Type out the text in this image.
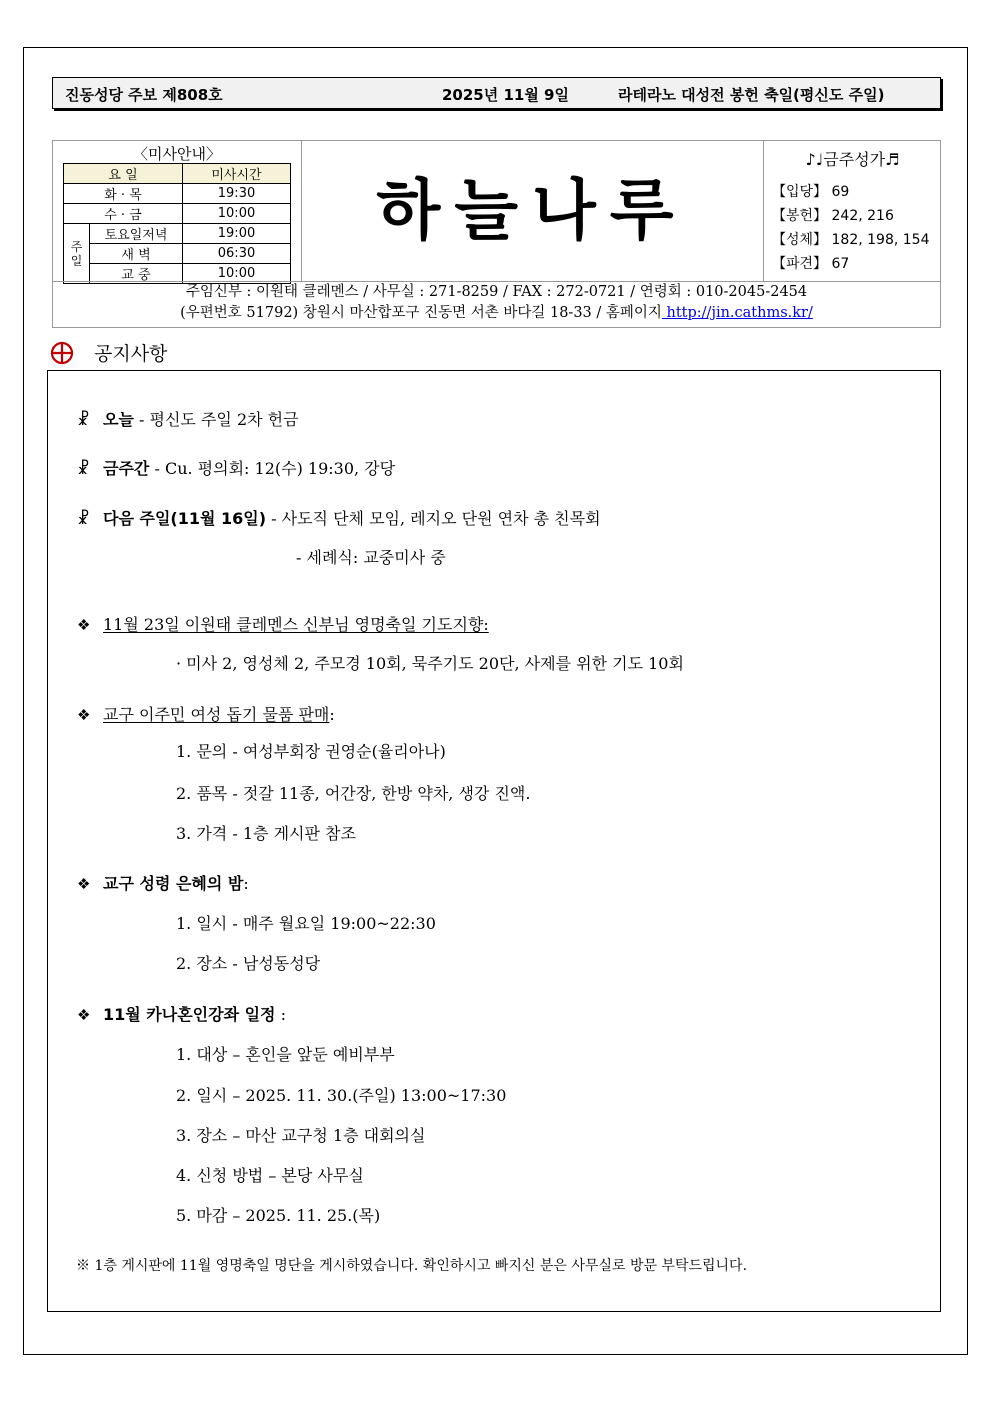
진동성당 주보 제808호	2025년 11월 9일	라테라노 대성전 봉헌 축일(평신도 주일)
〈미사안내〉
요 일		미사시간
화 · 목		19:30
수 · 금		10:00

주일	토요일저녁	19:00
	새 벽	06:30
	교 중	10:00
하늘나루
♪♩금주성가♬
【입당】 69
【봉헌】 242, 216
【성체】 182, 198, 154
【파견】 67
주임신부 : 이원태 클레멘스 / 사무실 : 271-8259 / FAX : 272-0721 / 연령회 : 010-2045-2454
(우편번호 51792) 창원시 마산합포구 진동면 서촌 바다길 18-33 / 홈페이지 http://jin.cathms.kr/
공지사항
☧ 오늘 - 평신도 주일 2차 헌금
☧ 금주간 - Cu. 평의회: 12(수) 19:30, 강당
☧ 다음 주일(11월 16일) - 사도직 단체 모임, 레지오 단원 연차 총 친목회
- 세례식: 교중미사 중
❖ 11월 23일 이원태 클레멘스 신부님 영명축일 기도지향:
· 미사 2, 영성체 2, 주모경 10회, 묵주기도 20단, 사제를 위한 기도 10회
❖ 교구 이주민 여성 돕기 물품 판매:
1. 문의 - 여성부회장 권영순(율리아나)
2. 품목 - 젓갈 11종, 어간장, 한방 약차, 생강 진액.
3. 가격 - 1층 게시판 참조
❖ 교구 성령 은혜의 밤:
1. 일시 - 매주 월요일 19:00~22:30
2. 장소 - 남성동성당
❖ 11월 카나혼인강좌 일정 :
1. 대상 – 혼인을 앞둔 예비부부
2. 일시 – 2025. 11. 30.(주일) 13:00~17:30
3. 장소 – 마산 교구청 1층 대회의실
4. 신청 방법 – 본당 사무실
5. 마감 – 2025. 11. 25.(목)
※ 1층 게시판에 11월 영명축일 명단을 게시하였습니다. 확인하시고 빠지신 분은 사무실로 방문 부탁드립니다.
